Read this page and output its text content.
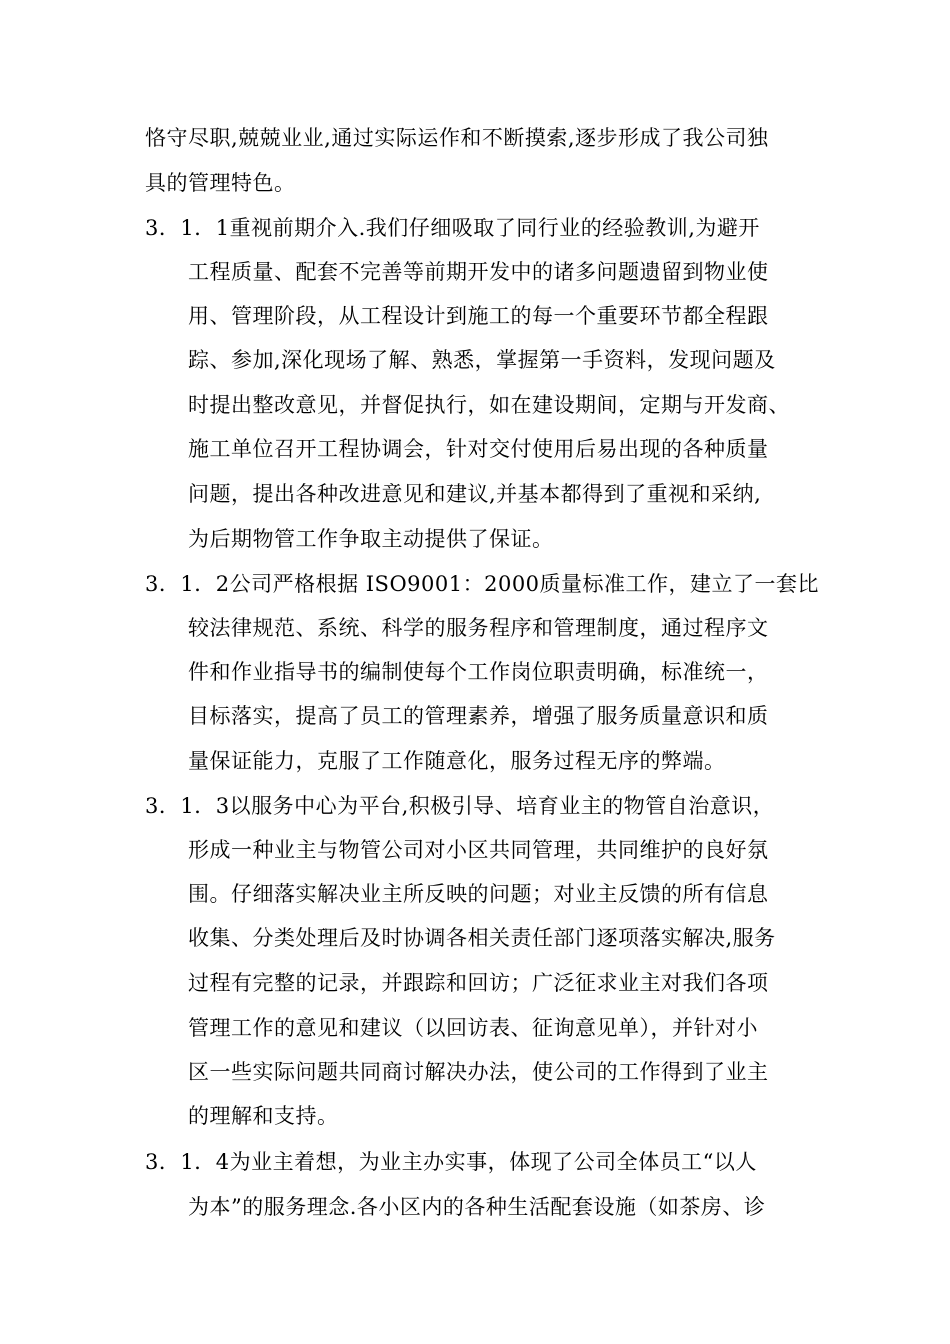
恪守尽职,兢兢业业,通过实际运作和不断摸索,逐步形成了我公司独
具的管理特色。
3．1．1重视前期介入.我们仔细吸取了同行业的经验教训,为避开
工程质量、配套不完善等前期开发中的诸多问题遗留到物业使
用、管理阶段，从工程设计到施工的每一个重要环节都全程跟
踪、参加,深化现场了解、熟悉，掌握第一手资料，发现问题及
时提出整改意见，并督促执行，如在建设期间，定期与开发商、
施工单位召开工程协调会，针对交付使用后易出现的各种质量
问题，提出各种改进意见和建议,并基本都得到了重视和采纳,
为后期物管工作争取主动提供了保证。
3．1．2公司严格根据 ISO9001：2000质量标准工作，建立了一套比
较法律规范、系统、科学的服务程序和管理制度，通过程序文
件和作业指导书的编制使每个工作岗位职责明确，标准统一，
目标落实，提高了员工的管理素养，增强了服务质量意识和质
量保证能力，克服了工作随意化，服务过程无序的弊端。
3．1．3以服务中心为平台,积极引导、培育业主的物管自治意识，
形成一种业主与物管公司对小区共同管理，共同维护的良好氛
围。仔细落实解决业主所反映的问题；对业主反馈的所有信息
收集、分类处理后及时协调各相关责任部门逐项落实解决,服务
过程有完整的记录，并跟踪和回访；广泛征求业主对我们各项
管理工作的意见和建议（以回访表、征询意见单），并针对小
区一些实际问题共同商讨解决办法，使公司的工作得到了业主
的理解和支持。
3．1．4为业主着想，为业主办实事，体现了公司全体员工“以人
为本”的服务理念.各小区内的各种生活配套设施（如茶房、诊
